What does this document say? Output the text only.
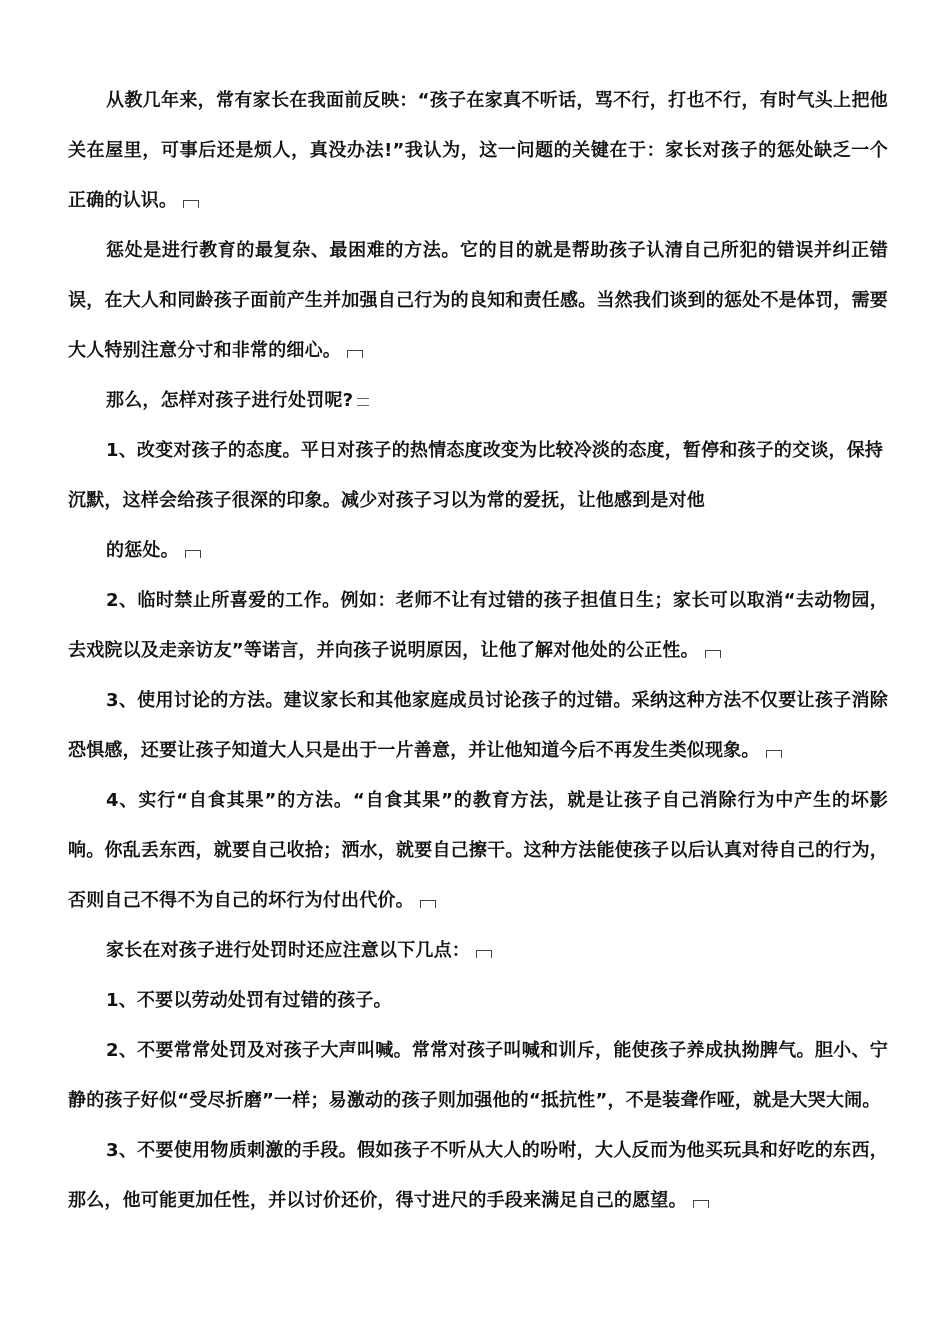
从教几年来，常有家长在我面前反映：“孩子在家真不听话，骂不行，打也不行，有时气头上把他关在屋里，可事后还是烦人，真没办法!”我认为，这一问题的关键在于：家长对孩子的惩处缺乏一个正确的认识。

惩处是进行教育的最复杂、最困难的方法。它的目的就是帮助孩子认清自己所犯的错误并纠正错误，在大人和同龄孩子面前产生并加强自己行为的良知和责任感。当然我们谈到的惩处不是体罚，需要大人特别注意分寸和非常的细心。

那么，怎样对孩子进行处罚呢?

1、改变对孩子的态度。平日对孩子的热情态度改变为比较冷淡的态度，暂停和孩子的交谈，保持沉默，这样会给孩子很深的印象。减少对孩子习以为常的爱抚，让他感到是对他

的惩处。

2、临时禁止所喜爱的工作。例如：老师不让有过错的孩子担值日生；家长可以取消“去动物园，去戏院以及走亲访友”等诺言，并向孩子说明原因，让他了解对他处的公正性。

3、使用讨论的方法。建议家长和其他家庭成员讨论孩子的过错。采纳这种方法不仅要让孩子消除恐惧感，还要让孩子知道大人只是出于一片善意，并让他知道今后不再发生类似现象。

4、实行“自食其果”的方法。“自食其果”的教育方法，就是让孩子自己消除行为中产生的坏影响。你乱丢东西，就要自己收拾；洒水，就要自己擦干。这种方法能使孩子以后认真对待自己的行为，否则自己不得不为自己的坏行为付出代价。

家长在对孩子进行处罚时还应注意以下几点：

1、不要以劳动处罚有过错的孩子。

2、不要常常处罚及对孩子大声叫喊。常常对孩子叫喊和训斥，能使孩子养成执拗脾气。胆小、宁静的孩子好似“受尽折磨”一样；易激动的孩子则加强他的“抵抗性”，不是装聋作哑，就是大哭大闹。

3、不要使用物质刺激的手段。假如孩子不听从大人的吩咐，大人反而为他买玩具和好吃的东西，那么，他可能更加任性，并以讨价还价，得寸进尺的手段来满足自己的愿望。
